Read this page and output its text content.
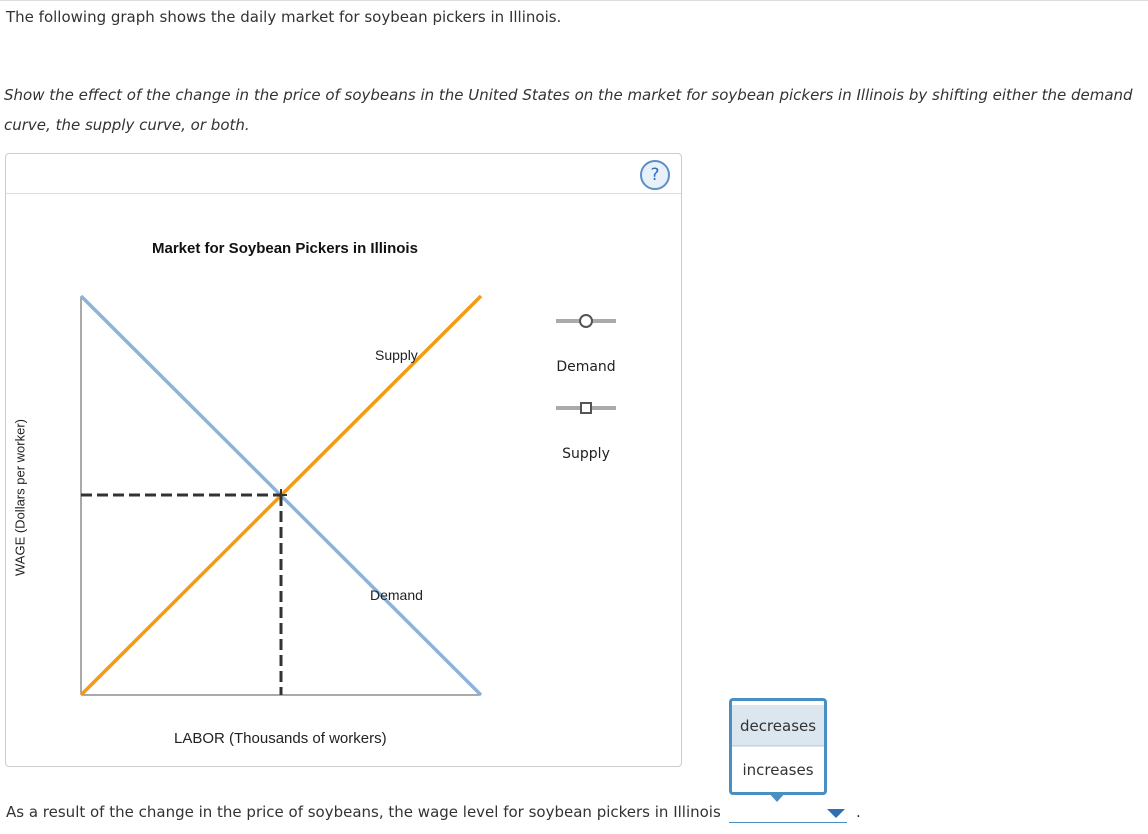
The following graph shows the daily market for soybean pickers in Illinois.
Show the effect of the change in the price of soybeans in the United States on the market for soybean pickers in Illinois by shifting either the demand curve, the supply curve, or both.
?
Market for Soybean Pickers in Illinois
WAGE (Dollars per worker)
Supply
Demand
Demand
Supply
LABOR (Thousands of workers)
decreases
increases
As a result of the change in the price of soybeans, the wage level for soybean pickers in Illinois	.
